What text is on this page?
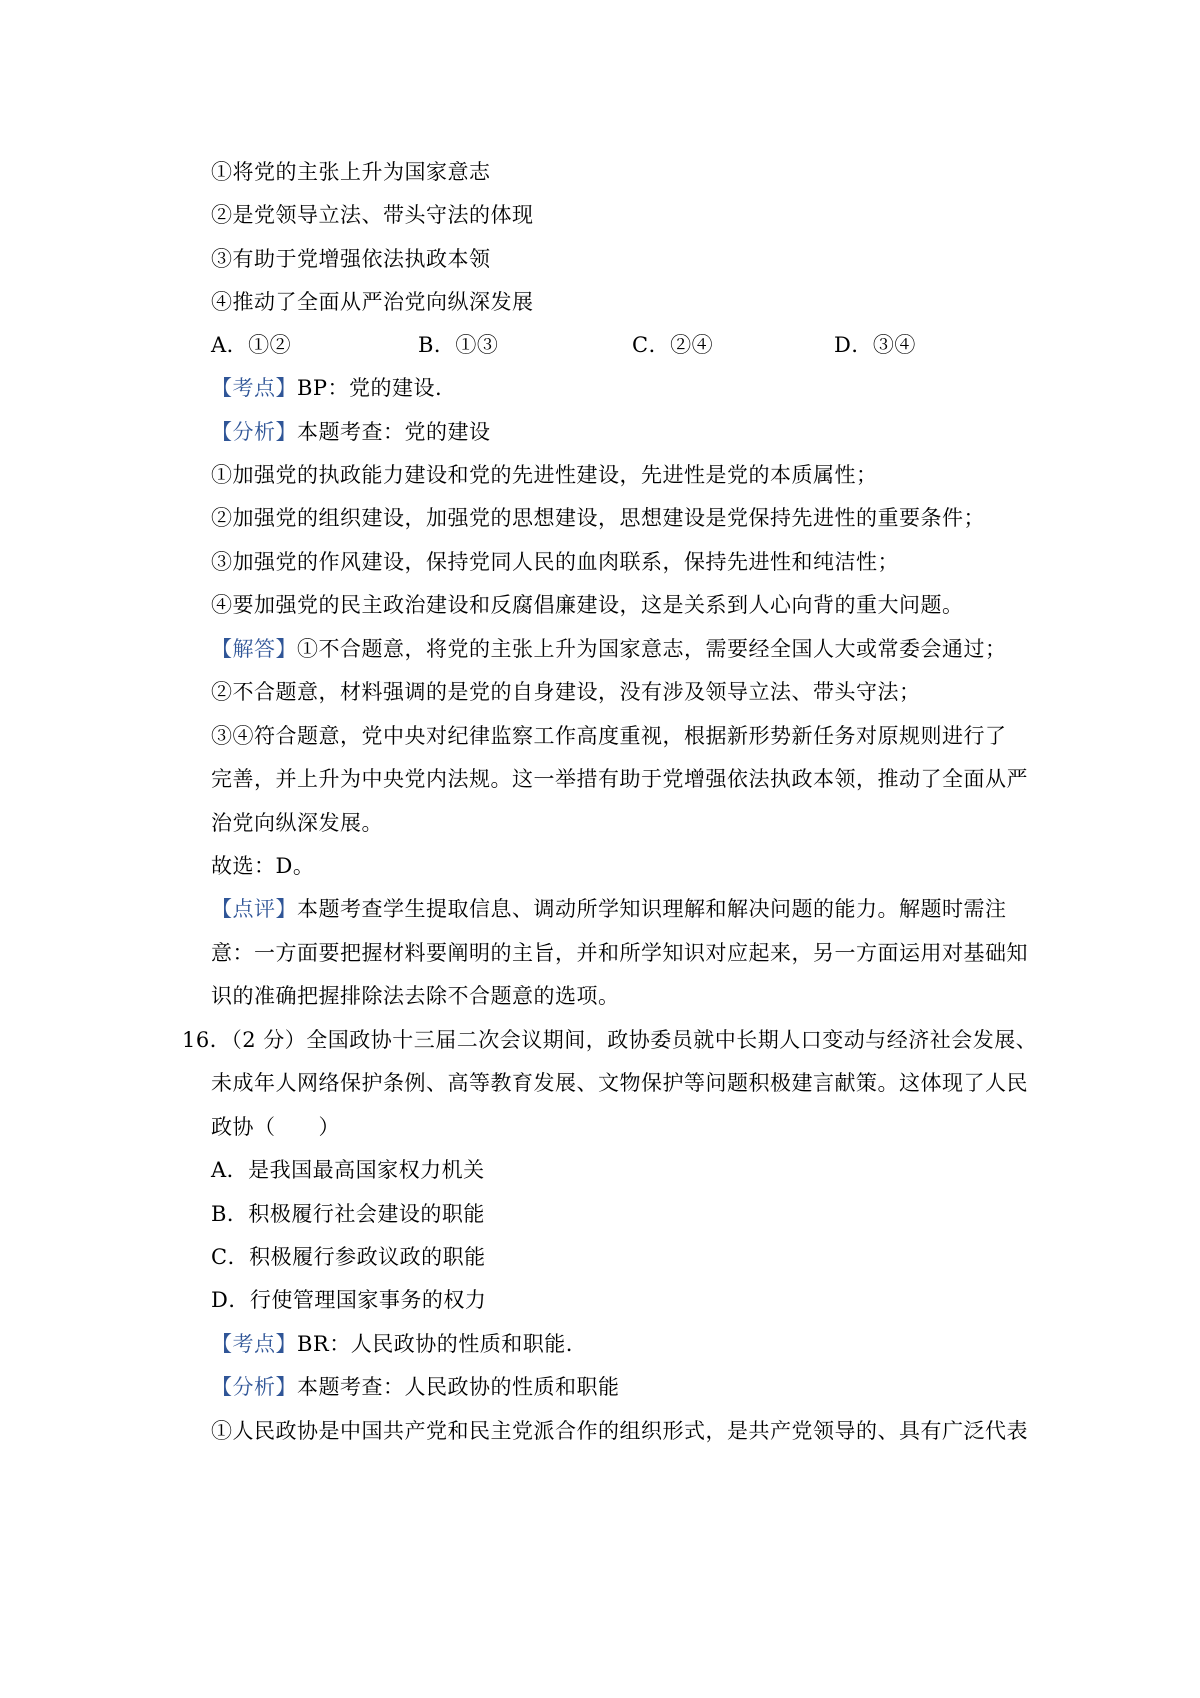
①将党的主张上升为国家意志
②是党领导立法、带头守法的体现
③有助于党增强依法执政本领
④推动了全面从严治党向纵深发展
A．①②	B．①③	C．②④	D．③④
【考点】BP：党的建设.
【分析】本题考查：党的建设
①加强党的执政能力建设和党的先进性建设，先进性是党的本质属性；
②加强党的组织建设，加强党的思想建设，思想建设是党保持先进性的重要条件；
③加强党的作风建设，保持党同人民的血肉联系，保持先进性和纯洁性；
④要加强党的民主政治建设和反腐倡廉建设，这是关系到人心向背的重大问题。
【解答】①不合题意，将党的主张上升为国家意志，需要经全国人大或常委会通过；
②不合题意，材料强调的是党的自身建设，没有涉及领导立法、带头守法；
③④符合题意，党中央对纪律监察工作高度重视，根据新形势新任务对原规则进行了
完善，并上升为中央党内法规。这一举措有助于党增强依法执政本领，推动了全面从严
治党向纵深发展。
故选：D。
【点评】本题考查学生提取信息、调动所学知识理解和解决问题的能力。解题时需注
意：一方面要把握材料要阐明的主旨，并和所学知识对应起来，另一方面运用对基础知
识的准确把握排除法去除不合题意的选项。
16．（2 分）全国政协十三届二次会议期间，政协委员就中长期人口变动与经济社会发展、
未成年人网络保护条例、高等教育发展、文物保护等问题积极建言献策。这体现了人民
政协（　　）
A．是我国最高国家权力机关
B．积极履行社会建设的职能
C．积极履行参政议政的职能
D．行使管理国家事务的权力
【考点】BR：人民政协的性质和职能.
【分析】本题考查：人民政协的性质和职能
①人民政协是中国共产党和民主党派合作的组织形式，是共产党领导的、具有广泛代表
